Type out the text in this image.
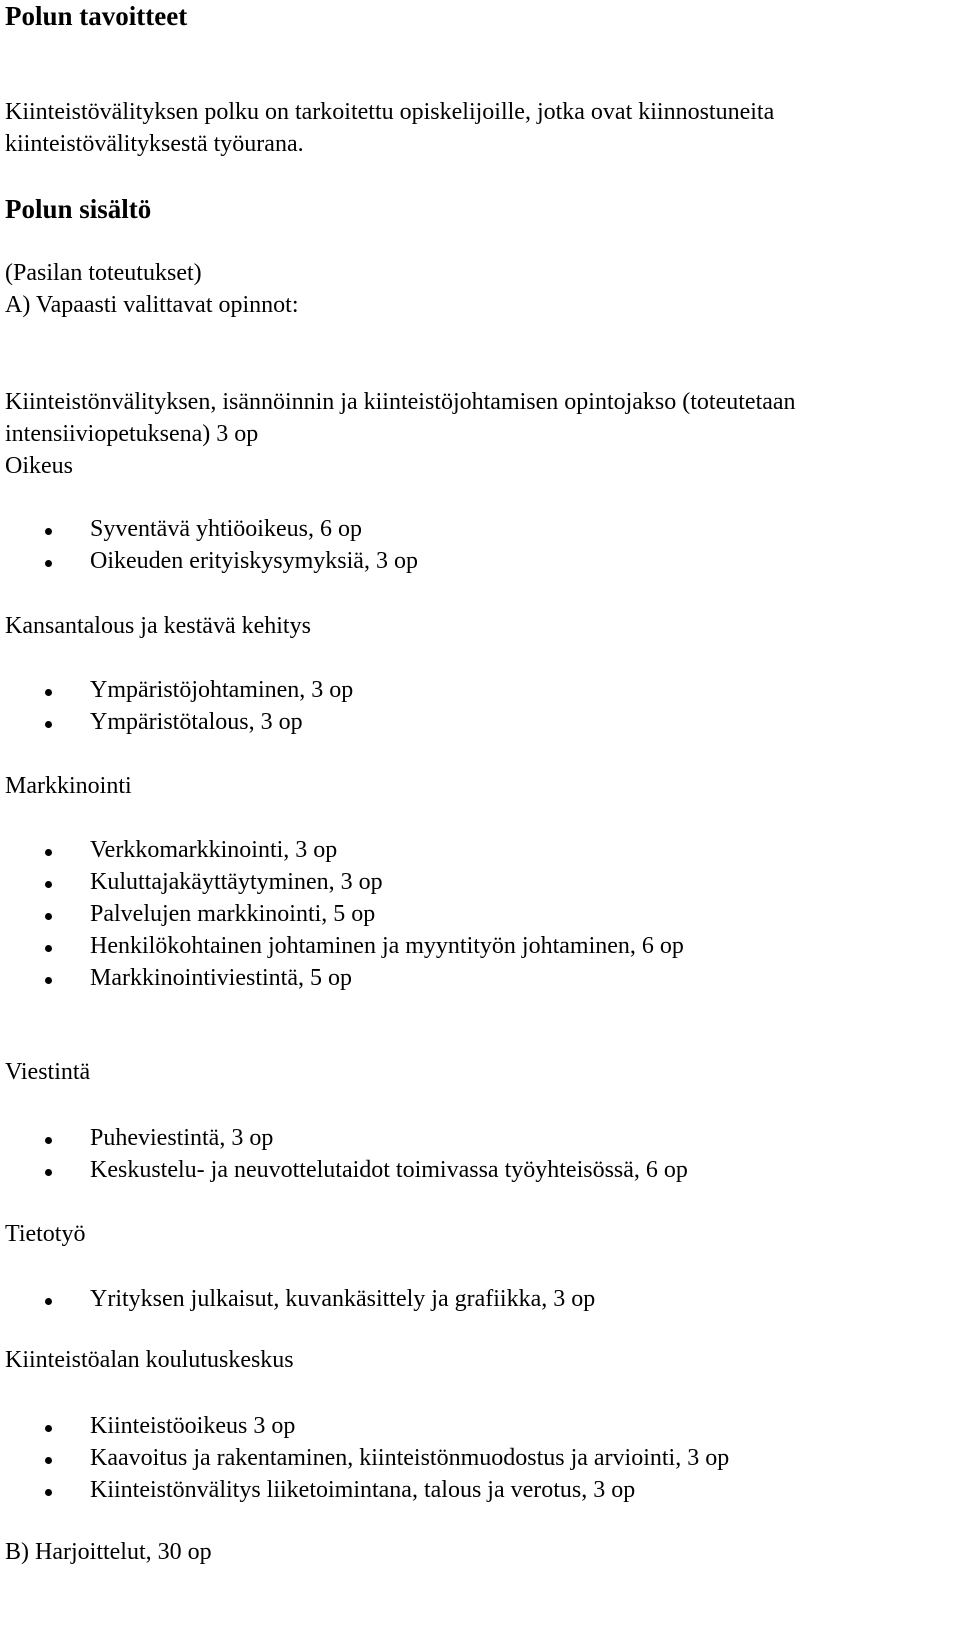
Polun tavoitteet
Kiinteistövälityksen polku on tarkoitettu opiskelijoille, jotka ovat kiinnostuneita
kiinteistövälityksestä työurana.
Polun sisältö
(Pasilan toteutukset)
A) Vapaasti valittavat opinnot:
Kiinteistönvälityksen, isännöinnin ja kiinteistöjohtamisen opintojakso (toteutetaan
intensiiviopetuksena) 3 op
Oikeus
Syventävä yhtiöoikeus, 6 op
Oikeuden erityiskysymyksiä, 3 op
Kansantalous ja kestävä kehitys
Ympäristöjohtaminen, 3 op
Ympäristötalous, 3 op
Markkinointi
Verkkomarkkinointi, 3 op
Kuluttajakäyttäytyminen, 3 op
Palvelujen markkinointi, 5 op
Henkilökohtainen johtaminen ja myyntityön johtaminen, 6 op
Markkinointiviestintä, 5 op
Viestintä
Puheviestintä, 3 op
Keskustelu- ja neuvottelutaidot toimivassa työyhteisössä, 6 op
Tietotyö
Yrityksen julkaisut, kuvankäsittely ja grafiikka, 3 op
Kiinteistöalan koulutuskeskus
Kiinteistöoikeus 3 op
Kaavoitus ja rakentaminen, kiinteistönmuodostus ja arviointi, 3 op
Kiinteistönvälitys liiketoimintana, talous ja verotus, 3 op
B) Harjoittelut, 30 op
